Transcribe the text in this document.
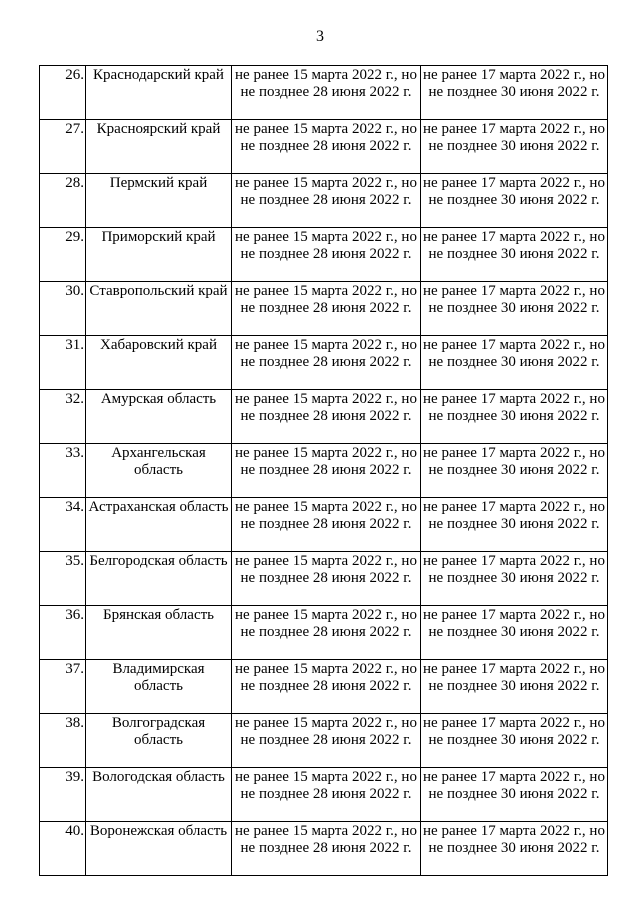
3
26.	Краснодарский край	не ранее 15 марта 2022 г., но не позднее 28 июня 2022 г.	не ранее 17 марта 2022 г., но не позднее 30 июня 2022 г.
27.	Красноярский край	не ранее 15 марта 2022 г., но не позднее 28 июня 2022 г.	не ранее 17 марта 2022 г., но не позднее 30 июня 2022 г.
28.	Пермский край	не ранее 15 марта 2022 г., но не позднее 28 июня 2022 г.	не ранее 17 марта 2022 г., но не позднее 30 июня 2022 г.
29.	Приморский край	не ранее 15 марта 2022 г., но не позднее 28 июня 2022 г.	не ранее 17 марта 2022 г., но не позднее 30 июня 2022 г.
30.	Ставропольский край	не ранее 15 марта 2022 г., но не позднее 28 июня 2022 г.	не ранее 17 марта 2022 г., но не позднее 30 июня 2022 г.
31.	Хабаровский край	не ранее 15 марта 2022 г., но не позднее 28 июня 2022 г.	не ранее 17 марта 2022 г., но не позднее 30 июня 2022 г.
32.	Амурская область	не ранее 15 марта 2022 г., но не позднее 28 июня 2022 г.	не ранее 17 марта 2022 г., но не позднее 30 июня 2022 г.
33.	Архангельская область	не ранее 15 марта 2022 г., но не позднее 28 июня 2022 г.	не ранее 17 марта 2022 г., но не позднее 30 июня 2022 г.
34.	Астраханская область	не ранее 15 марта 2022 г., но не позднее 28 июня 2022 г.	не ранее 17 марта 2022 г., но не позднее 30 июня 2022 г.
35.	Белгородская область	не ранее 15 марта 2022 г., но не позднее 28 июня 2022 г.	не ранее 17 марта 2022 г., но не позднее 30 июня 2022 г.
36.	Брянская область	не ранее 15 марта 2022 г., но не позднее 28 июня 2022 г.	не ранее 17 марта 2022 г., но не позднее 30 июня 2022 г.
37.	Владимирская область	не ранее 15 марта 2022 г., но не позднее 28 июня 2022 г.	не ранее 17 марта 2022 г., но не позднее 30 июня 2022 г.
38.	Волгоградская область	не ранее 15 марта 2022 г., но не позднее 28 июня 2022 г.	не ранее 17 марта 2022 г., но не позднее 30 июня 2022 г.
39.	Вологодская область	не ранее 15 марта 2022 г., но не позднее 28 июня 2022 г.	не ранее 17 марта 2022 г., но не позднее 30 июня 2022 г.
40.	Воронежская область	не ранее 15 марта 2022 г., но не позднее 28 июня 2022 г.	не ранее 17 марта 2022 г., но не позднее 30 июня 2022 г.
